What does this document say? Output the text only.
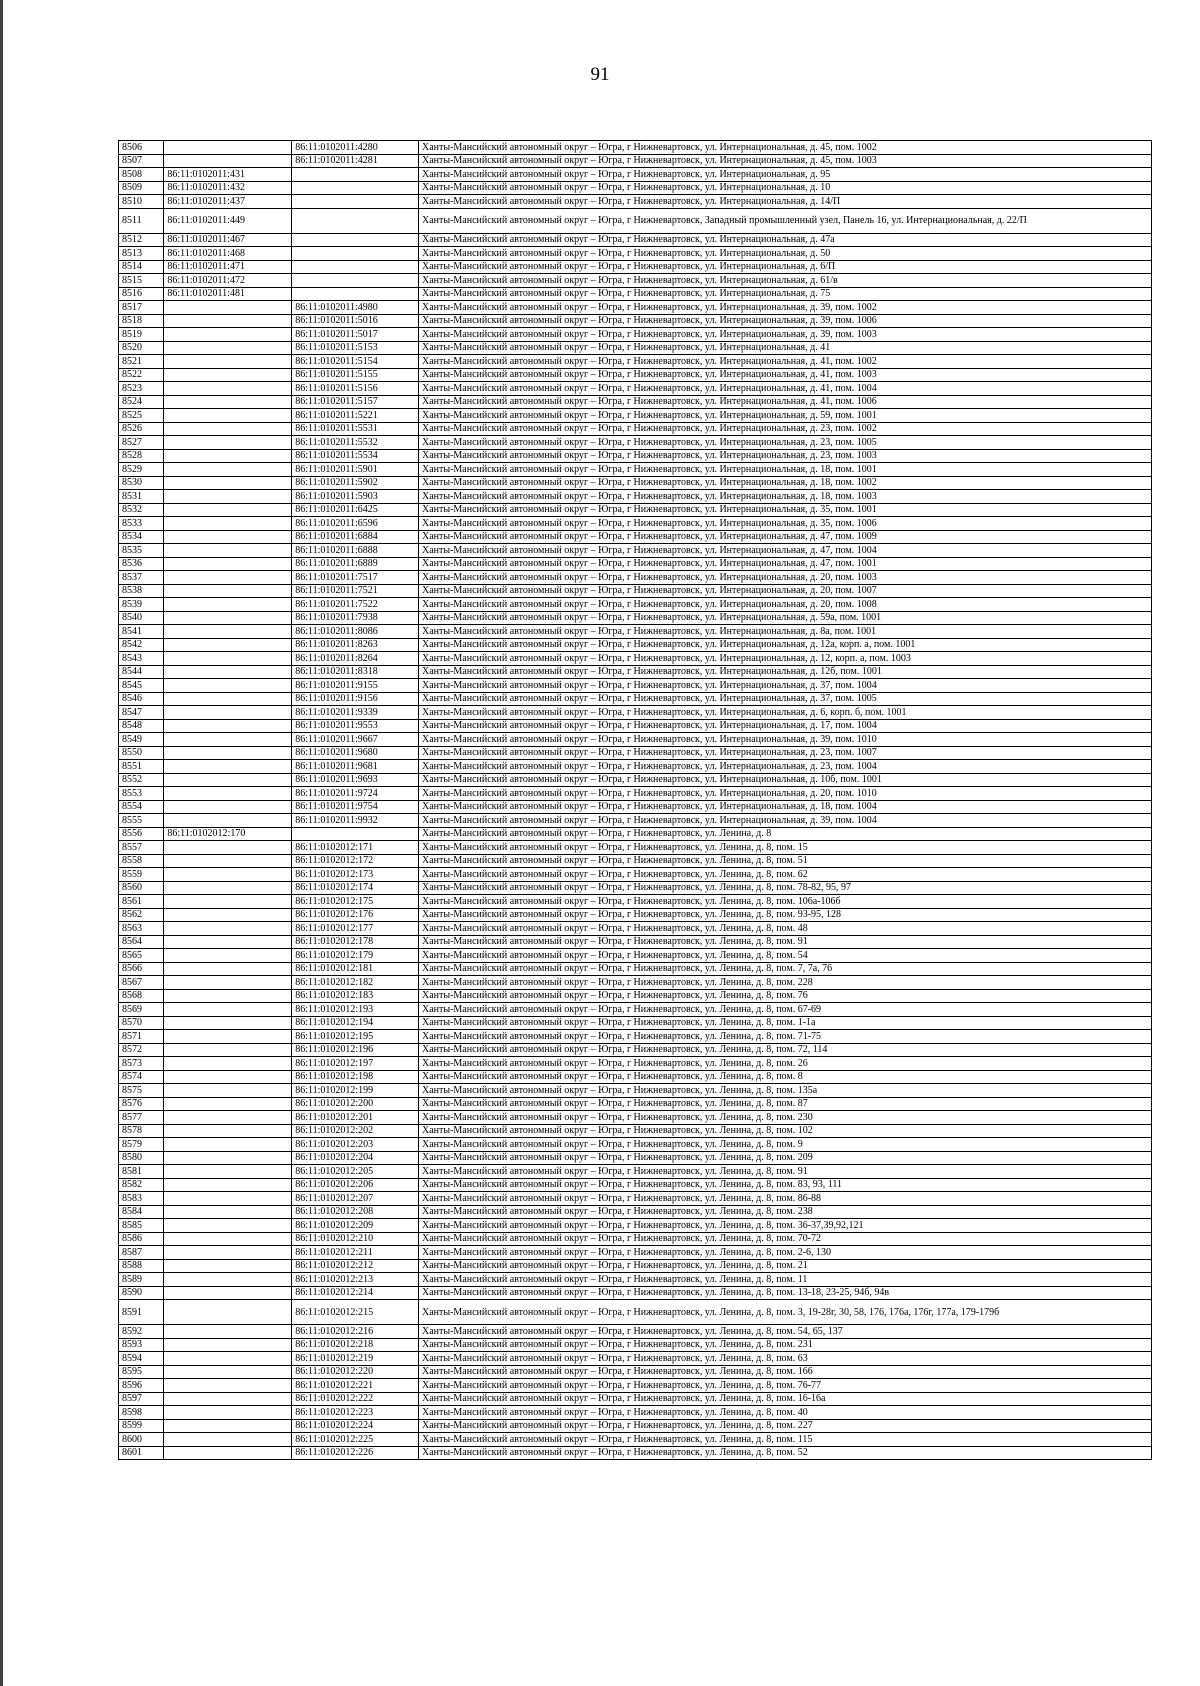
91
8506		86:11:0102011:4280	Ханты-Мансийский автономный округ – Югра, г Нижневартовск, ул. Интернациональная, д. 45, пом. 1002
8507		86:11:0102011:4281	Ханты-Мансийский автономный округ – Югра, г Нижневартовск, ул. Интернациональная, д. 45, пом. 1003
8508	86:11:0102011:431		Ханты-Мансийский автономный округ – Югра, г Нижневартовск, ул. Интернациональная, д. 95
8509	86:11:0102011:432		Ханты-Мансийский автономный округ – Югра, г Нижневартовск, ул. Интернациональная, д. 10
8510	86:11:0102011:437		Ханты-Мансийский автономный округ – Югра, г Нижневартовск, ул. Интернациональная, д. 14/П
8511	86:11:0102011:449		Ханты-Мансийский автономный округ – Югра, г Нижневартовск, Западный промышленный узел, Панель 16, ул. Интернациональная, д. 22/П
8512	86:11:0102011:467		Ханты-Мансийский автономный округ – Югра, г Нижневартовск, ул. Интернациональная, д. 47а
8513	86:11:0102011:468		Ханты-Мансийский автономный округ – Югра, г Нижневартовск, ул. Интернациональная, д. 50
8514	86:11:0102011:471		Ханты-Мансийский автономный округ – Югра, г Нижневартовск, ул. Интернациональная, д. 6/П
8515	86:11:0102011:472		Ханты-Мансийский автономный округ – Югра, г Нижневартовск, ул. Интернациональная, д. 61/в
8516	86:11:0102011:481		Ханты-Мансийский автономный округ – Югра, г Нижневартовск, ул. Интернациональная, д. 75
8517		86:11:0102011:4980	Ханты-Мансийский автономный округ – Югра, г Нижневартовск, ул. Интернациональная, д. 39, пом. 1002
8518		86:11:0102011:5016	Ханты-Мансийский автономный округ – Югра, г Нижневартовск, ул. Интернациональная, д. 39, пом. 1006
8519		86:11:0102011:5017	Ханты-Мансийский автономный округ – Югра, г Нижневартовск, ул. Интернациональная, д. 39, пом. 1003
8520		86:11:0102011:5153	Ханты-Мансийский автономный округ – Югра, г Нижневартовск, ул. Интернациональная, д. 41
8521		86:11:0102011:5154	Ханты-Мансийский автономный округ – Югра, г Нижневартовск, ул. Интернациональная, д. 41, пом. 1002
8522		86:11:0102011:5155	Ханты-Мансийский автономный округ – Югра, г Нижневартовск, ул. Интернациональная, д. 41, пом. 1003
8523		86:11:0102011:5156	Ханты-Мансийский автономный округ – Югра, г Нижневартовск, ул. Интернациональная, д. 41, пом. 1004
8524		86:11:0102011:5157	Ханты-Мансийский автономный округ – Югра, г Нижневартовск, ул. Интернациональная, д. 41, пом. 1006
8525		86:11:0102011:5221	Ханты-Мансийский автономный округ – Югра, г Нижневартовск, ул. Интернациональная, д. 59, пом. 1001
8526		86:11:0102011:5531	Ханты-Мансийский автономный округ – Югра, г Нижневартовск, ул. Интернациональная, д. 23, пом. 1002
8527		86:11:0102011:5532	Ханты-Мансийский автономный округ – Югра, г Нижневартовск, ул. Интернациональная, д. 23, пом. 1005
8528		86:11:0102011:5534	Ханты-Мансийский автономный округ – Югра, г Нижневартовск, ул. Интернациональная, д. 23, пом. 1003
8529		86:11:0102011:5901	Ханты-Мансийский автономный округ – Югра, г Нижневартовск, ул. Интернациональная, д. 18, пом. 1001
8530		86:11:0102011:5902	Ханты-Мансийский автономный округ – Югра, г Нижневартовск, ул. Интернациональная, д. 18, пом. 1002
8531		86:11:0102011:5903	Ханты-Мансийский автономный округ – Югра, г Нижневартовск, ул. Интернациональная, д. 18, пом. 1003
8532		86:11:0102011:6425	Ханты-Мансийский автономный округ – Югра, г Нижневартовск, ул. Интернациональная, д. 35, пом. 1001
8533		86:11:0102011:6596	Ханты-Мансийский автономный округ – Югра, г Нижневартовск, ул. Интернациональная, д. 35, пом. 1006
8534		86:11:0102011:6884	Ханты-Мансийский автономный округ – Югра, г Нижневартовск, ул. Интернациональная, д. 47, пом. 1009
8535		86:11:0102011:6888	Ханты-Мансийский автономный округ – Югра, г Нижневартовск, ул. Интернациональная, д. 47, пом. 1004
8536		86:11:0102011:6889	Ханты-Мансийский автономный округ – Югра, г Нижневартовск, ул. Интернациональная, д. 47, пом. 1001
8537		86:11:0102011:7517	Ханты-Мансийский автономный округ – Югра, г Нижневартовск, ул. Интернациональная, д. 20, пом. 1003
8538		86:11:0102011:7521	Ханты-Мансийский автономный округ – Югра, г Нижневартовск, ул. Интернациональная, д. 20, пом. 1007
8539		86:11:0102011:7522	Ханты-Мансийский автономный округ – Югра, г Нижневартовск, ул. Интернациональная, д. 20, пом. 1008
8540		86:11:0102011:7938	Ханты-Мансийский автономный округ – Югра, г Нижневартовск, ул. Интернациональная, д. 59а, пом. 1001
8541		86:11:0102011:8086	Ханты-Мансийский автономный округ – Югра, г Нижневартовск, ул. Интернациональная, д. 8а, пом. 1001
8542		86:11:0102011:8263	Ханты-Мансийский автономный округ – Югра, г Нижневартовск, ул. Интернациональная, д. 12а, корп. а, пом. 1001
8543		86:11:0102011:8264	Ханты-Мансийский автономный округ – Югра, г Нижневартовск, ул. Интернациональная, д. 12, корп. а, пом. 1003
8544		86:11:0102011:8318	Ханты-Мансийский автономный округ – Югра, г Нижневартовск, ул. Интернациональная, д. 12б, пом. 1001
8545		86:11:0102011:9155	Ханты-Мансийский автономный округ – Югра, г Нижневартовск, ул. Интернациональная, д. 37, пом. 1004
8546		86:11:0102011:9156	Ханты-Мансийский автономный округ – Югра, г Нижневартовск, ул. Интернациональная, д. 37, пом. 1005
8547		86:11:0102011:9339	Ханты-Мансийский автономный округ – Югра, г Нижневартовск, ул. Интернациональная, д. 6, корп. б, пом. 1001
8548		86:11:0102011:9553	Ханты-Мансийский автономный округ – Югра, г Нижневартовск, ул. Интернациональная, д. 17, пом. 1004
8549		86:11:0102011:9667	Ханты-Мансийский автономный округ – Югра, г Нижневартовск, ул. Интернациональная, д. 39, пом. 1010
8550		86:11:0102011:9680	Ханты-Мансийский автономный округ – Югра, г Нижневартовск, ул. Интернациональная, д. 23, пом. 1007
8551		86:11:0102011:9681	Ханты-Мансийский автономный округ – Югра, г Нижневартовск, ул. Интернациональная, д. 23, пом. 1004
8552		86:11:0102011:9693	Ханты-Мансийский автономный округ – Югра, г Нижневартовск, ул. Интернациональная, д. 10б, пом. 1001
8553		86:11:0102011:9724	Ханты-Мансийский автономный округ – Югра, г Нижневартовск, ул. Интернациональная, д. 20, пом. 1010
8554		86:11:0102011:9754	Ханты-Мансийский автономный округ – Югра, г Нижневартовск, ул. Интернациональная, д. 18, пом. 1004
8555		86:11:0102011:9932	Ханты-Мансийский автономный округ – Югра, г Нижневартовск, ул. Интернациональная, д. 39, пом. 1004
8556	86:11:0102012:170		Ханты-Мансийский автономный округ – Югра, г Нижневартовск, ул. Ленина, д. 8
8557		86:11:0102012:171	Ханты-Мансийский автономный округ – Югра, г Нижневартовск, ул. Ленина, д. 8, пом. 15
8558		86:11:0102012:172	Ханты-Мансийский автономный округ – Югра, г Нижневартовск, ул. Ленина, д. 8, пом. 51
8559		86:11:0102012:173	Ханты-Мансийский автономный округ – Югра, г Нижневартовск, ул. Ленина, д. 8, пом. 62
8560		86:11:0102012:174	Ханты-Мансийский автономный округ – Югра, г Нижневартовск, ул. Ленина, д. 8, пом. 78-82, 95, 97
8561		86:11:0102012:175	Ханты-Мансийский автономный округ – Югра, г Нижневартовск, ул. Ленина, д. 8, пом. 106а-106б
8562		86:11:0102012:176	Ханты-Мансийский автономный округ – Югра, г Нижневартовск, ул. Ленина, д. 8, пом. 93-95, 128
8563		86:11:0102012:177	Ханты-Мансийский автономный округ – Югра, г Нижневартовск, ул. Ленина, д. 8, пом. 48
8564		86:11:0102012:178	Ханты-Мансийский автономный округ – Югра, г Нижневартовск, ул. Ленина, д. 8, пом. 91
8565		86:11:0102012:179	Ханты-Мансийский автономный округ – Югра, г Нижневартовск, ул. Ленина, д. 8, пом. 54
8566		86:11:0102012:181	Ханты-Мансийский автономный округ – Югра, г Нижневартовск, ул. Ленина, д. 8, пом. 7, 7а, 76
8567		86:11:0102012:182	Ханты-Мансийский автономный округ – Югра, г Нижневартовск, ул. Ленина, д. 8, пом. 228
8568		86:11:0102012:183	Ханты-Мансийский автономный округ – Югра, г Нижневартовск, ул. Ленина, д. 8, пом. 76
8569		86:11:0102012:193	Ханты-Мансийский автономный округ – Югра, г Нижневартовск, ул. Ленина, д. 8, пом. 67-69
8570		86:11:0102012:194	Ханты-Мансийский автономный округ – Югра, г Нижневартовск, ул. Ленина, д. 8, пом. 1-1а
8571		86:11:0102012:195	Ханты-Мансийский автономный округ – Югра, г Нижневартовск, ул. Ленина, д. 8, пом. 71-75
8572		86:11:0102012:196	Ханты-Мансийский автономный округ – Югра, г Нижневартовск, ул. Ленина, д. 8, пом. 72, 114
8573		86:11:0102012:197	Ханты-Мансийский автономный округ – Югра, г Нижневартовск, ул. Ленина, д. 8, пом. 26
8574		86:11:0102012:198	Ханты-Мансийский автономный округ – Югра, г Нижневартовск, ул. Ленина, д. 8, пом. 8
8575		86:11:0102012:199	Ханты-Мансийский автономный округ – Югра, г Нижневартовск, ул. Ленина, д. 8, пом. 135а
8576		86:11:0102012:200	Ханты-Мансийский автономный округ – Югра, г Нижневартовск, ул. Ленина, д. 8, пом. 87
8577		86:11:0102012:201	Ханты-Мансийский автономный округ – Югра, г Нижневартовск, ул. Ленина, д. 8, пом. 230
8578		86:11:0102012:202	Ханты-Мансийский автономный округ – Югра, г Нижневартовск, ул. Ленина, д. 8, пом. 102
8579		86:11:0102012:203	Ханты-Мансийский автономный округ – Югра, г Нижневартовск, ул. Ленина, д. 8, пом. 9
8580		86:11:0102012:204	Ханты-Мансийский автономный округ – Югра, г Нижневартовск, ул. Ленина, д. 8, пом. 209
8581		86:11:0102012:205	Ханты-Мансийский автономный округ – Югра, г Нижневартовск, ул. Ленина, д. 8, пом. 91
8582		86:11:0102012:206	Ханты-Мансийский автономный округ – Югра, г Нижневартовск, ул. Ленина, д. 8, пом. 83, 93, 111
8583		86:11:0102012:207	Ханты-Мансийский автономный округ – Югра, г Нижневартовск, ул. Ленина, д. 8, пом. 86-88
8584		86:11:0102012:208	Ханты-Мансийский автономный округ – Югра, г Нижневартовск, ул. Ленина, д. 8, пом. 238
8585		86:11:0102012:209	Ханты-Мансийский автономный округ – Югра, г Нижневартовск, ул. Ленина, д. 8, пом. 36-37,39,92,121
8586		86:11:0102012:210	Ханты-Мансийский автономный округ – Югра, г Нижневартовск, ул. Ленина, д. 8, пом. 70-72
8587		86:11:0102012:211	Ханты-Мансийский автономный округ – Югра, г Нижневартовск, ул. Ленина, д. 8, пом. 2-6, 130
8588		86:11:0102012:212	Ханты-Мансийский автономный округ – Югра, г Нижневартовск, ул. Ленина, д. 8, пом. 21
8589		86:11:0102012:213	Ханты-Мансийский автономный округ – Югра, г Нижневартовск, ул. Ленина, д. 8, пом. 11
8590		86:11:0102012:214	Ханты-Мансийский автономный округ – Югра, г Нижневартовск, ул. Ленина, д. 8, пом. 13-18, 23-25, 94б, 94в
8591		86:11:0102012:215	Ханты-Мансийский автономный округ – Югра, г Нижневартовск, ул. Ленина, д. 8, пом. 3, 19-28г, 30, 58, 176, 176а, 176г, 177а, 179-179б
8592		86:11:0102012:216	Ханты-Мансийский автономный округ – Югра, г Нижневартовск, ул. Ленина, д. 8, пом. 54, 65, 137
8593		86:11:0102012:218	Ханты-Мансийский автономный округ – Югра, г Нижневартовск, ул. Ленина, д. 8, пом. 231
8594		86:11:0102012:219	Ханты-Мансийский автономный округ – Югра, г Нижневартовск, ул. Ленина, д. 8, пом. 63
8595		86:11:0102012:220	Ханты-Мансийский автономный округ – Югра, г Нижневартовск, ул. Ленина, д. 8, пом. 166
8596		86:11:0102012:221	Ханты-Мансийский автономный округ – Югра, г Нижневартовск, ул. Ленина, д. 8, пом. 76-77
8597		86:11:0102012:222	Ханты-Мансийский автономный округ – Югра, г Нижневартовск, ул. Ленина, д. 8, пом. 16-16а
8598		86:11:0102012:223	Ханты-Мансийский автономный округ – Югра, г Нижневартовск, ул. Ленина, д. 8, пом. 40
8599		86:11:0102012:224	Ханты-Мансийский автономный округ – Югра, г Нижневартовск, ул. Ленина, д. 8, пом. 227
8600		86:11:0102012:225	Ханты-Мансийский автономный округ – Югра, г Нижневартовск, ул. Ленина, д. 8, пом. 115
8601		86:11:0102012:226	Ханты-Мансийский автономный округ – Югра, г Нижневартовск, ул. Ленина, д. 8, пом. 52
